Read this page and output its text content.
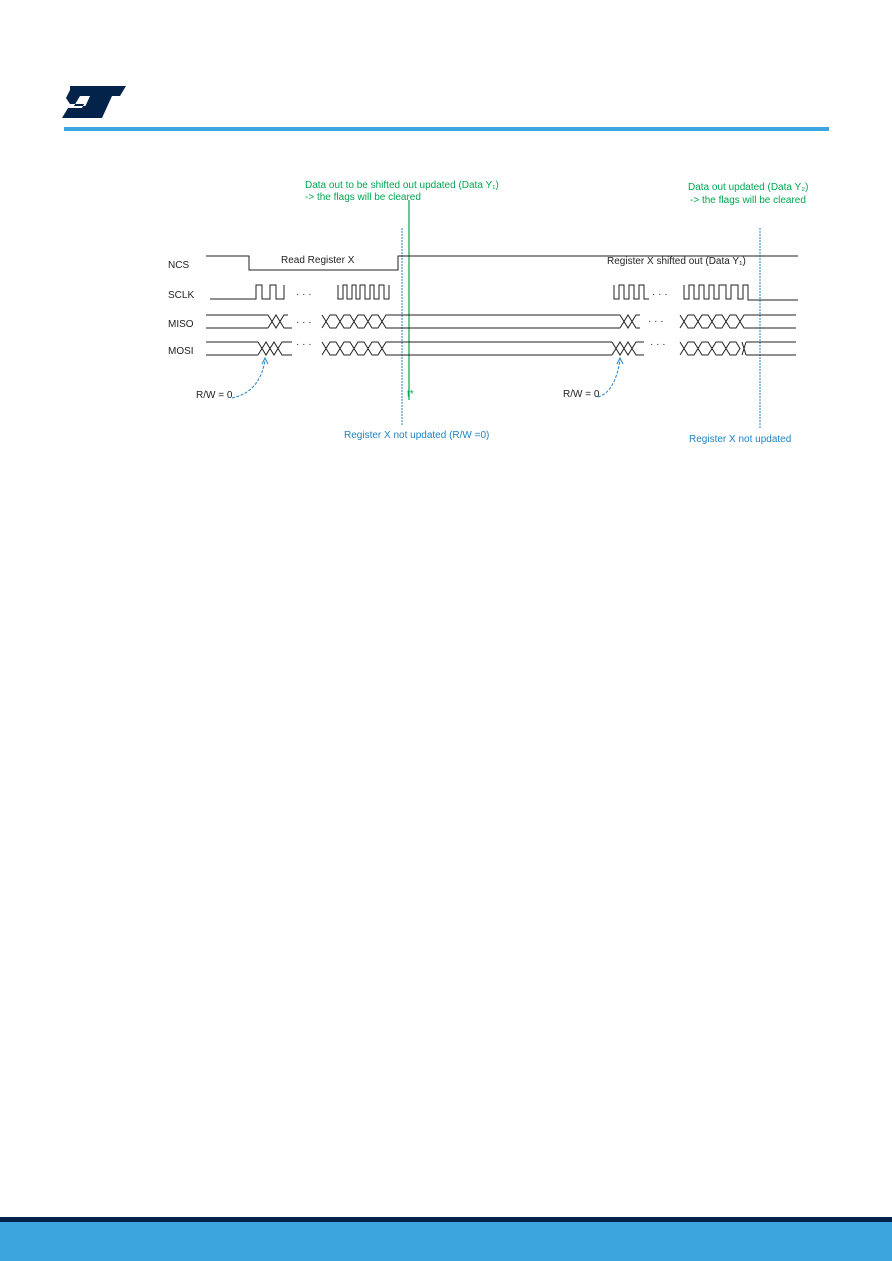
NCS
SCLK
MISO
MOSI
· · ·
· · ·
· · ·
· · ·
· · ·
· · ·
Read Register X	Register X shifted out (Data Y₁)
Data out to be shifted out updated (Data Y₁)
-> the flags will be cleared
Data out updated (Data Y₂)
-> the flags will be cleared
t*
R/W = 0	R/W = 0
Register X not updated (R/W =0)	Register X not updated
